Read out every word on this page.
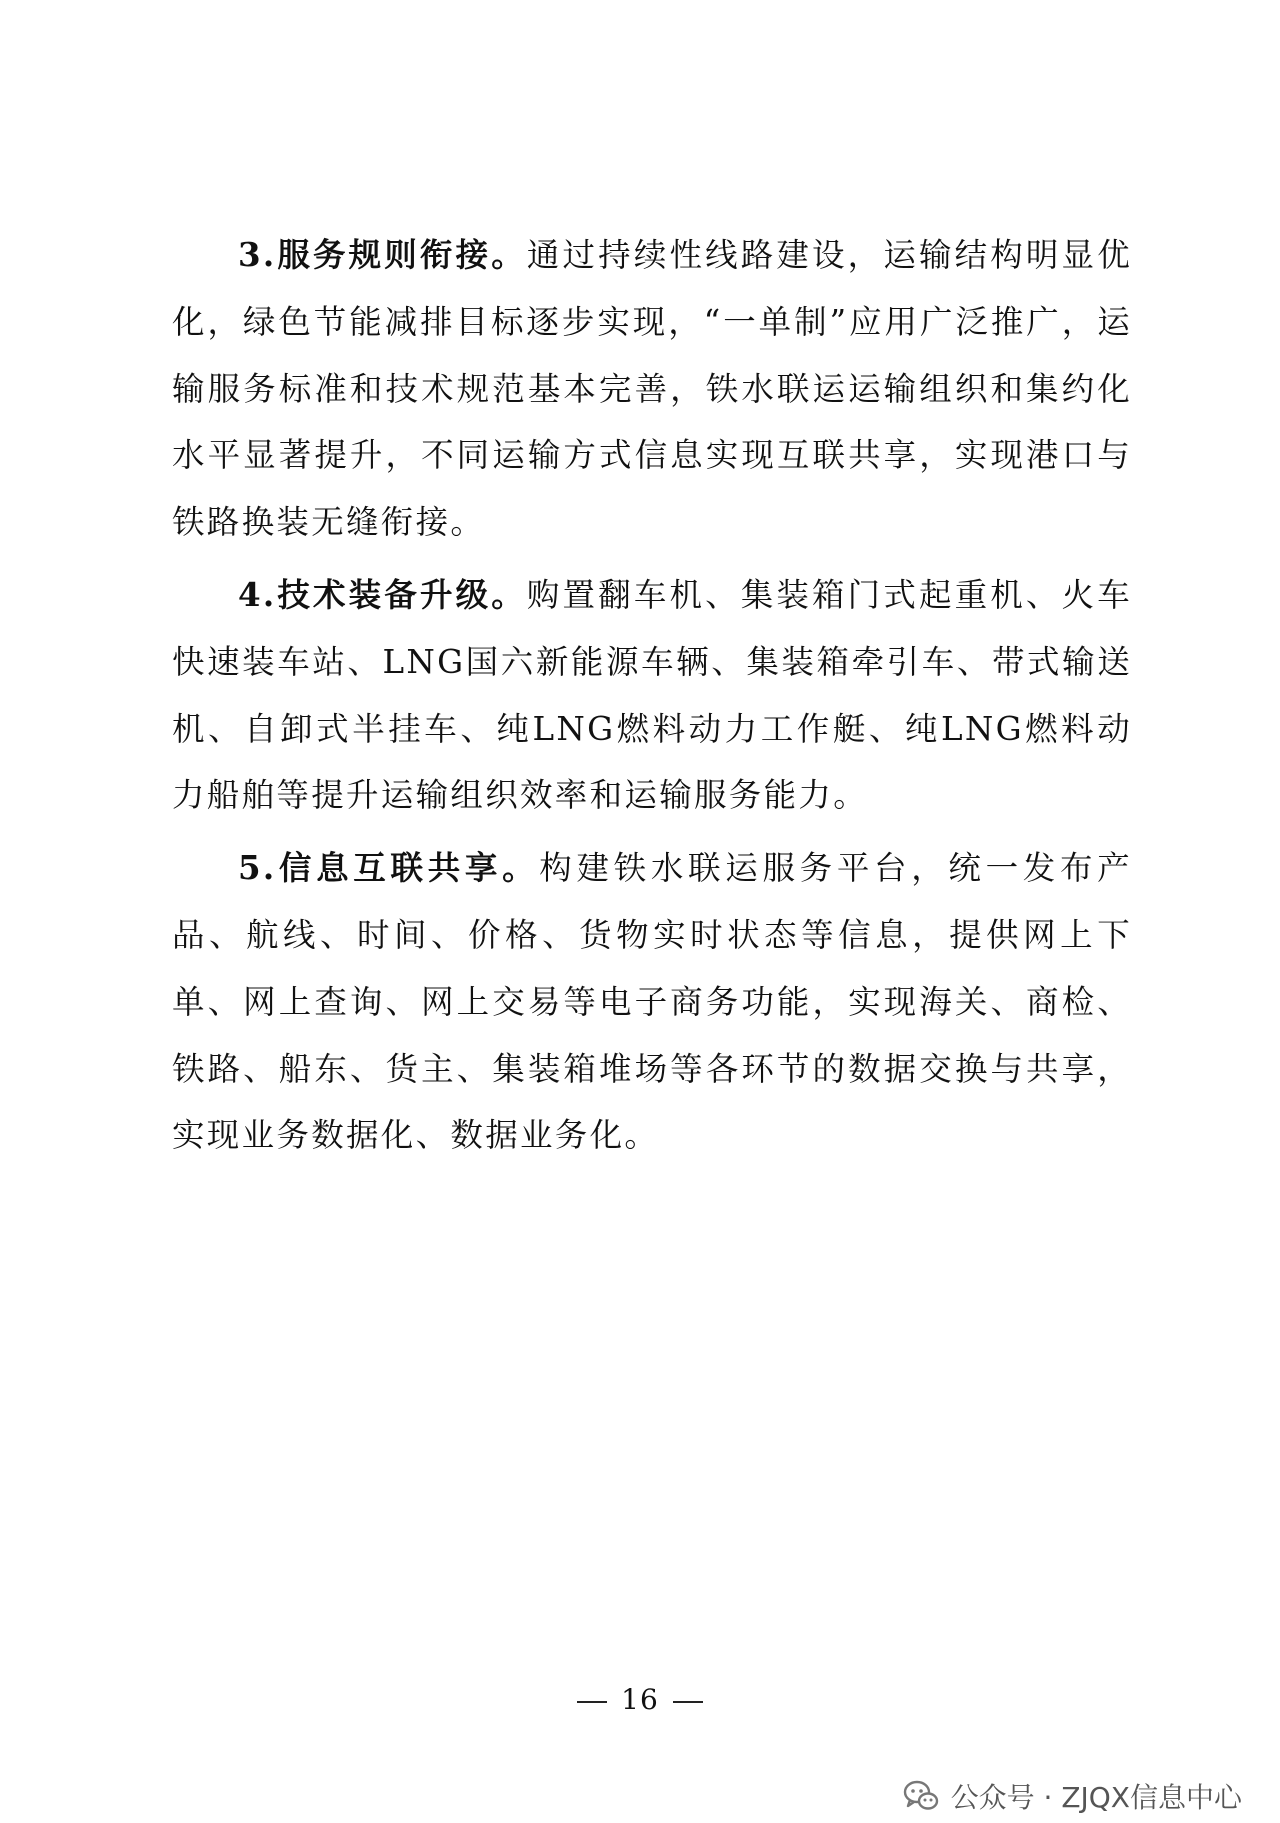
3.服务规则衔接。通过持续性线路建设，运输结构明显优化，绿色节能减排目标逐步实现，“一单制”应用广泛推广，运输服务标准和技术规范基本完善，铁水联运运输组织和集约化水平显著提升，不同运输方式信息实现互联共享，实现港口与铁路换装无缝衔接。

4.技术装备升级。购置翻车机、集装箱门式起重机、火车快速装车站、LNG国六新能源车辆、集装箱牵引车、带式输送机、自卸式半挂车、纯LNG燃料动力工作艇、纯LNG燃料动力船舶等提升运输组织效率和运输服务能力。

5.信息互联共享。构建铁水联运服务平台，统一发布产品、航线、时间、价格、货物实时状态等信息，提供网上下单、网上查询、网上交易等电子商务功能，实现海关、商检、铁路、船东、货主、集装箱堆场等各环节的数据交换与共享，实现业务数据化、数据业务化。

16
公众号 · ZJQX信息中心
